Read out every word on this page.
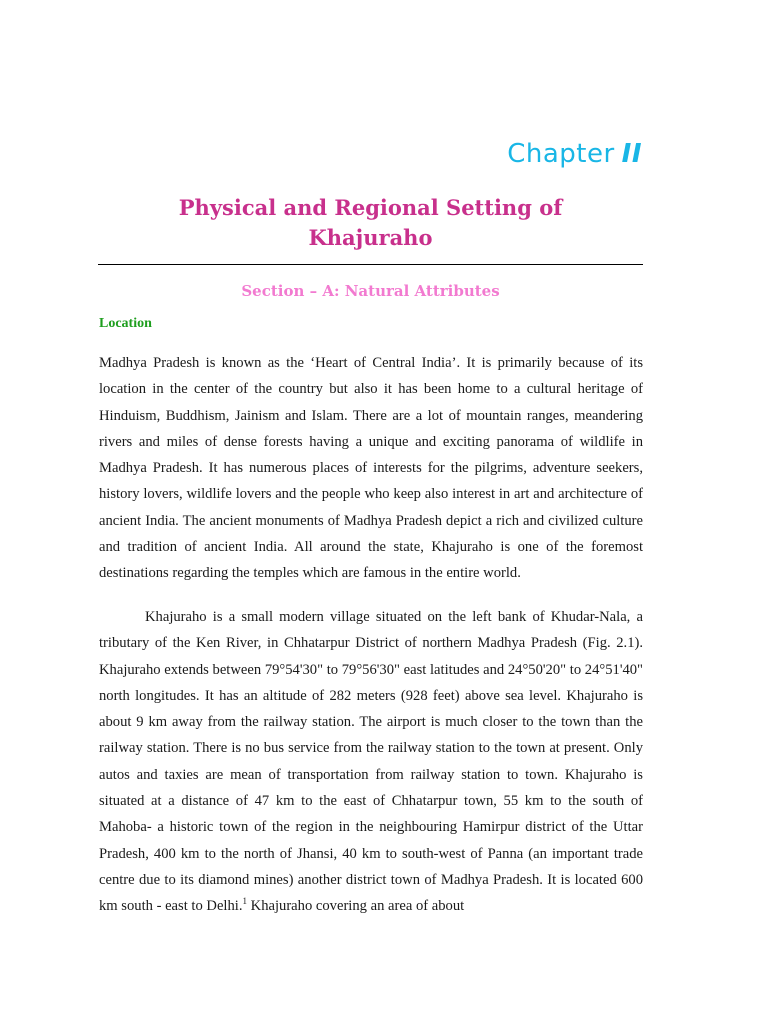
Chapter II
Physical and Regional Setting of
Khajuraho
Section – A: Natural Attributes
Location

Madhya Pradesh is known as the ‘Heart of Central India’. It is primarily because of its location in the center of the country but also it has been home to a cultural heritage of Hinduism, Buddhism, Jainism and Islam. There are a lot of mountain ranges, meandering rivers and miles of dense forests having a unique and exciting panorama of wildlife in Madhya Pradesh. It has numerous places of interests for the pilgrims, adventure seekers, history lovers, wildlife lovers and the people who keep also interest in art and architecture of ancient India. The ancient monuments of Madhya Pradesh depict a rich and civilized culture and tradition of ancient India. All around the state, Khajuraho is one of the foremost destinations regarding the temples which are famous in the entire world.

Khajuraho is a small modern village situated on the left bank of Khudar-Nala, a tributary of the Ken River, in Chhatarpur District of northern Madhya Pradesh (Fig. 2.1). Khajuraho extends between 79°54'30" to 79°56'30" east latitudes and 24°50'20" to 24°51'40" north longitudes. It has an altitude of 282 meters (928 feet) above sea level. Khajuraho is about 9 km away from the railway station. The airport is much closer to the town than the railway station. There is no bus service from the railway station to the town at present. Only autos and taxies are mean of transportation from railway station to town. Khajuraho is situated at a distance of 47 km to the east of Chhatarpur town, 55 km to the south of Mahoba- a historic town of the region in the neighbouring Hamirpur district of the Uttar Pradesh, 400 km to the north of Jhansi, 40 km to south-west of Panna (an important trade centre due to its diamond mines) another district town of Madhya Pradesh. It is located 600 km south - east to Delhi.$^1$ Khajuraho covering an area of about
